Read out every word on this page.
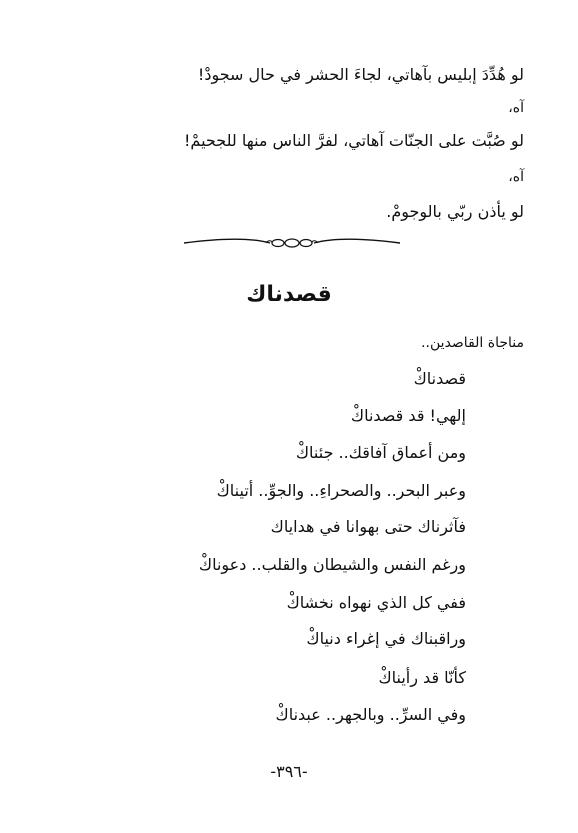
لو هُدِّدَ إبليس بآهاتي، لجاءَ الحشر في حال سجودْ!
آه،
لو صُبَّت على الجنّات آهاتي، لفرَّ الناس منها للجحيمْ!
آه،
لو يأذن ربّي بالوجومْ.
قصدناك
مناجاة القاصدين..
قصدناكْ
إلهي! قد قصدناكْ
ومن أعماق آفاقك.. جئناكْ
وعبر البحر.. والصحراءِ.. والجوِّ.. أتيناكْ
فآثرناك حتى بهوانا في هداياك
ورغم النفس والشيطان والقلب.. دعوناكْ
ففي كل الذي نهواه نخشاكْ
وراقبناك في إغراء دنياكْ
كأنّا قد رأيناكْ
وفي السرِّ.. وبالجهر.. عبدناكْ
-٣٩٦-
